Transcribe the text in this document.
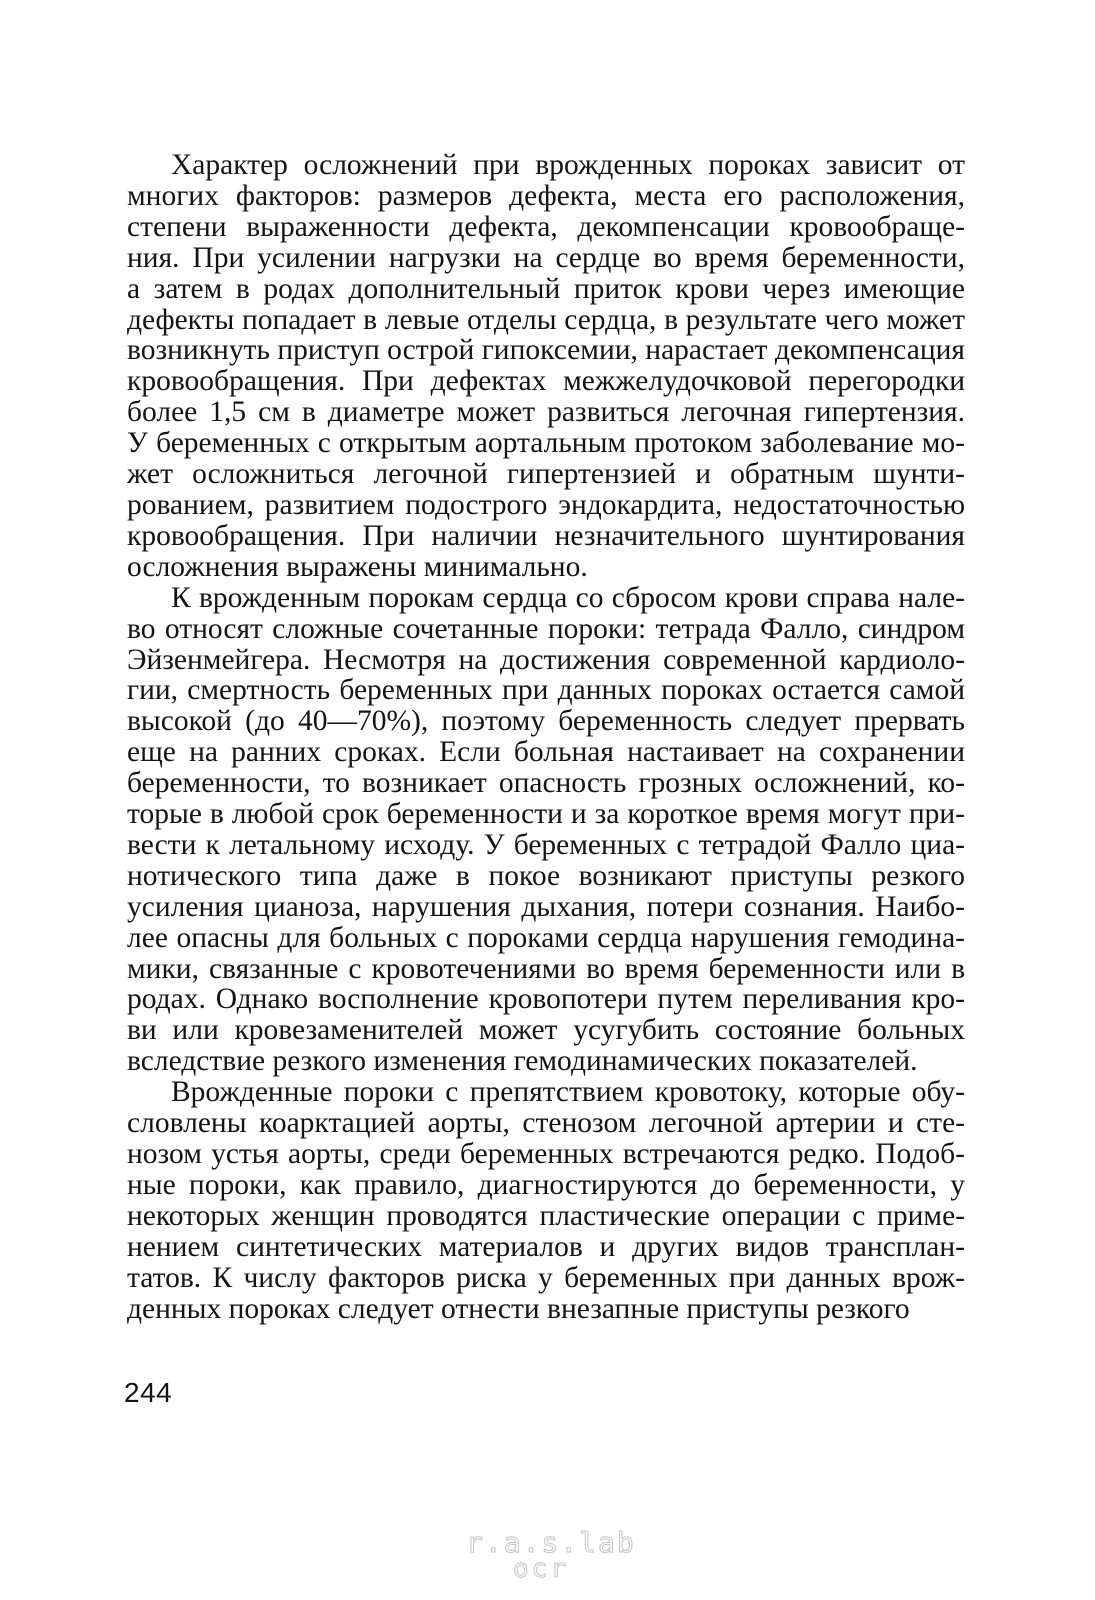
Характер осложнений при врожденных пороках зависит от
многих факторов: размеров дефекта, места его расположения,
степени выраженности дефекта, декомпенсации кровообраще-
ния. При усилении нагрузки на сердце во время беременности,
а затем в родах дополнительный приток крови через имеющие
дефекты попадает в левые отделы сердца, в результате чего может
возникнуть приступ острой гипоксемии, нарастает декомпенсация
кровообращения. При дефектах межжелудочковой перегородки
более 1,5 см в диаметре может развиться легочная гипертензия.
У беременных с открытым аортальным протоком заболевание мо-
жет осложниться легочной гипертензией и обратным шунти-
рованием, развитием подострого эндокардита, недостаточностью
кровообращения. При наличии незначительного шунтирования
осложнения выражены минимально.
К врожденным порокам сердца со сбросом крови справа нале-
во относят сложные сочетанные пороки: тетрада Фалло, синдром
Эйзенмейгера. Несмотря на достижения современной кардиоло-
гии, смертность беременных при данных пороках остается самой
высокой (до 40—70%), поэтому беременность следует прервать
еще на ранних сроках. Если больная настаивает на сохранении
беременности, то возникает опасность грозных осложнений, ко-
торые в любой срок беременности и за короткое время могут при-
вести к летальному исходу. У беременных с тетрадой Фалло циа-
нотического типа даже в покое возникают приступы резкого
усиления цианоза, нарушения дыхания, потери сознания. Наибо-
лее опасны для больных с пороками сердца нарушения гемодина-
мики, связанные с кровотечениями во время беременности или в
родах. Однако восполнение кровопотери путем переливания кро-
ви или кровезаменителей может усугубить состояние больных
вследствие резкого изменения гемодинамических показателей.
Врожденные пороки с препятствием кровотоку, которые обу-
словлены коарктацией аорты, стенозом легочной артерии и сте-
нозом устья аорты, среди беременных встречаются редко. Подоб-
ные пороки, как правило, диагностируются до беременности, у
некоторых женщин проводятся пластические операции с приме-
нением синтетических материалов и других видов трансплан-
татов. К числу факторов риска у беременных при данных врож-
денных пороках следует отнести внезапные приступы резкого
244
r.a.s.lab
ocr
